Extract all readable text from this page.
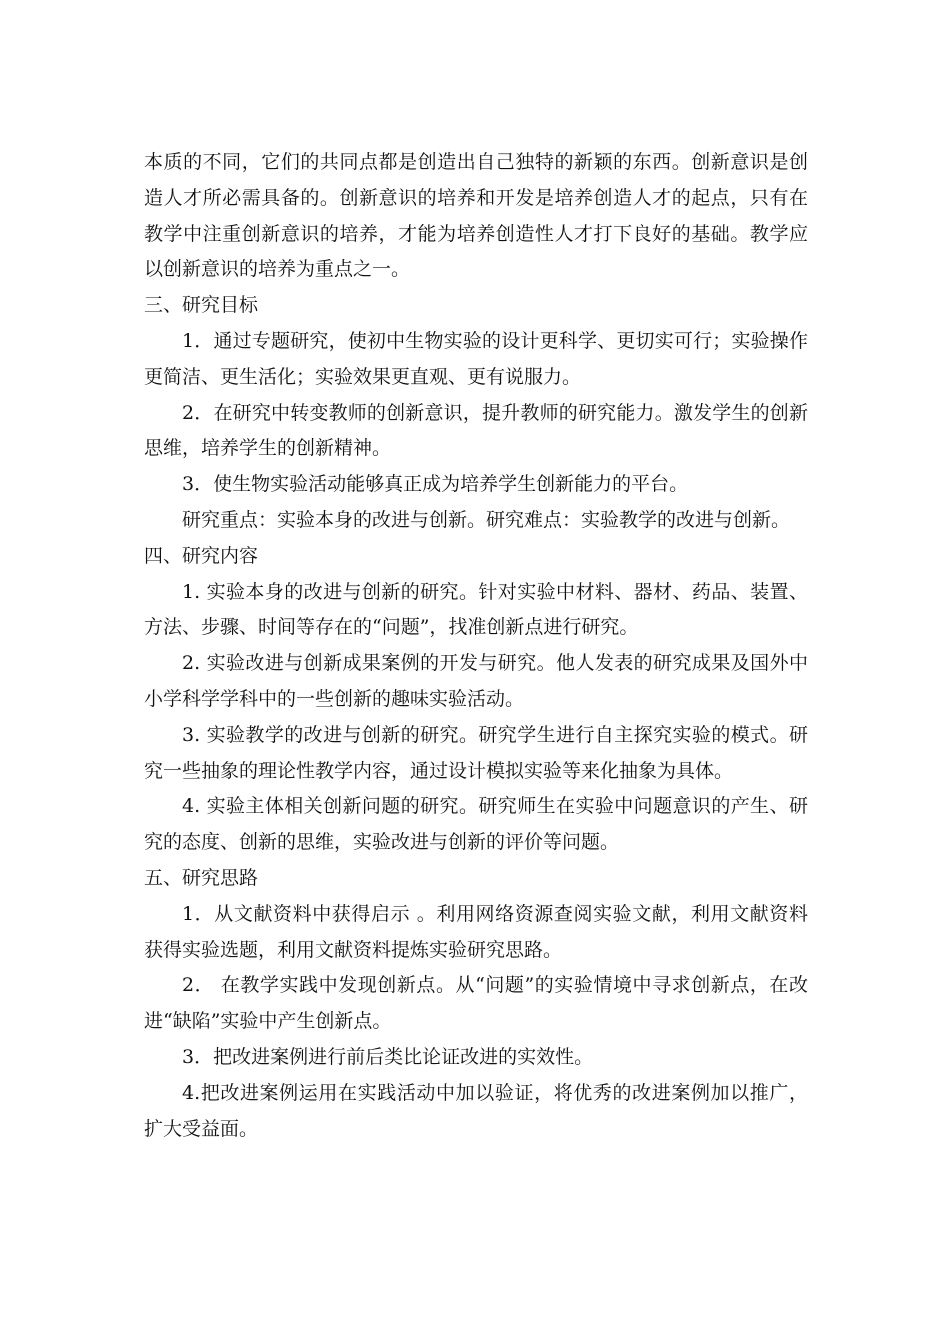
本质的不同，它们的共同点都是创造出自己独特的新颖的东西。创新意识是创造人才所必需具备的。创新意识的培养和开发是培养创造人才的起点，只有在教学中注重创新意识的培养，才能为培养创造性人才打下良好的基础。教学应以创新意识的培养为重点之一。

三、研究目标

1．通过专题研究，使初中生物实验的设计更科学、更切实可行；实验操作更简洁、更生活化；实验效果更直观、更有说服力。

2．在研究中转变教师的创新意识，提升教师的研究能力。激发学生的创新思维，培养学生的创新精神。

3．使生物实验活动能够真正成为培养学生创新能力的平台。

研究重点：实验本身的改进与创新。研究难点：实验教学的改进与创新。

四、研究内容

1. 实验本身的改进与创新的研究。针对实验中材料、器材、药品、装置、方法、步骤、时间等存在的“问题”，找准创新点进行研究。

2. 实验改进与创新成果案例的开发与研究。他人发表的研究成果及国外中小学科学学科中的一些创新的趣味实验活动。

3. 实验教学的改进与创新的研究。研究学生进行自主探究实验的模式。研究一些抽象的理论性教学内容，通过设计模拟实验等来化抽象为具体。

4. 实验主体相关创新问题的研究。研究师生在实验中问题意识的产生、研究的态度、创新的思维，实验改进与创新的评价等问题。

五、研究思路

1．从文献资料中获得启示 。利用网络资源查阅实验文献，利用文献资料获得实验选题，利用文献资料提炼实验研究思路。

2． 在教学实践中发现创新点。从“问题”的实验情境中寻求创新点，在改进“缺陷”实验中产生创新点。

3．把改进案例进行前后类比论证改进的实效性。

4.把改进案例运用在实践活动中加以验证，将优秀的改进案例加以推广，扩大受益面。
